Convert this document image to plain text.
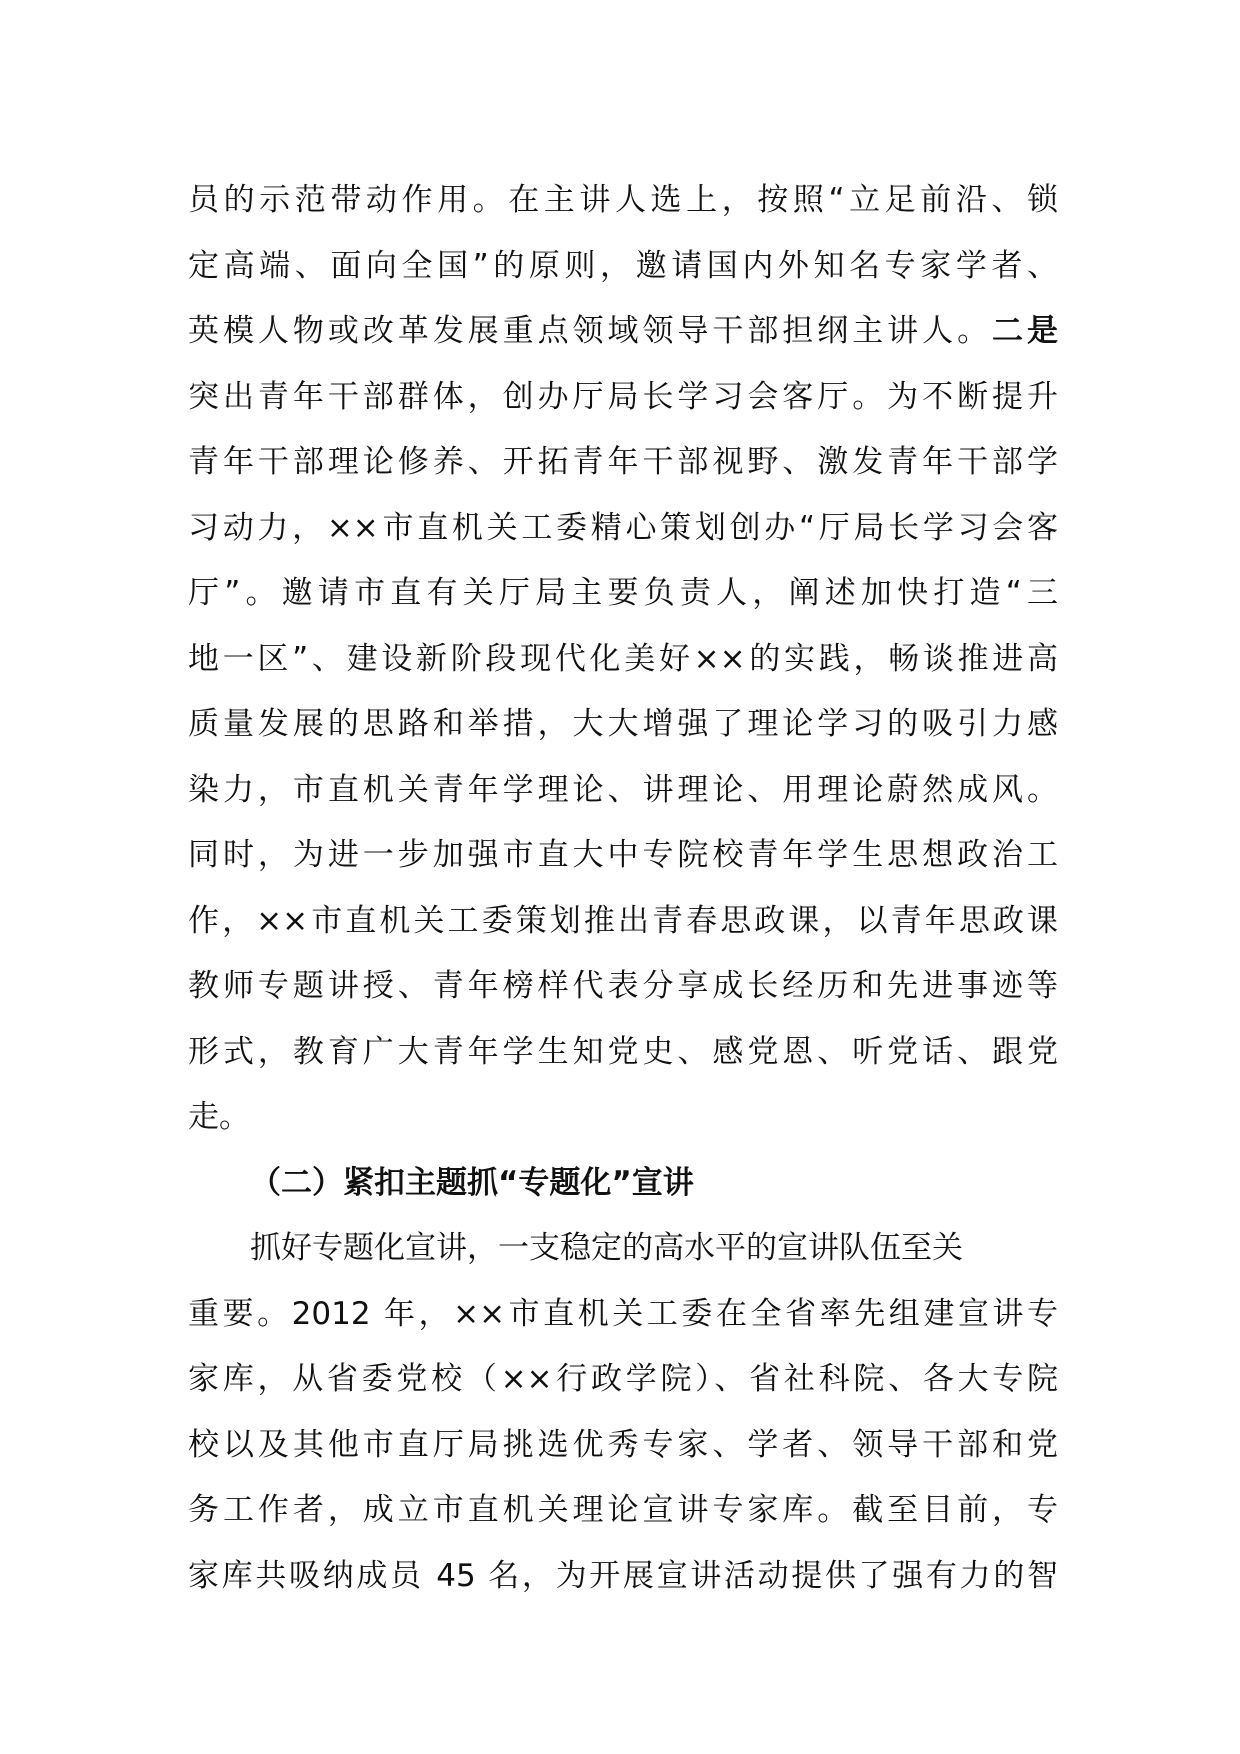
员的示范带动作用。在主讲人选上，按照“立足前沿、锁
定高端、面向全国”的原则，邀请国内外知名专家学者、
英模人物或改革发展重点领域领导干部担纲主讲人。二是
突出青年干部群体，创办厅局长学习会客厅。为不断提升
青年干部理论修养、开拓青年干部视野、激发青年干部学
习动力，××市直机关工委精心策划创办“厅局长学习会客
厅”。邀请市直有关厅局主要负责人，阐述加快打造“三
地一区”、建设新阶段现代化美好××的实践，畅谈推进高
质量发展的思路和举措，大大增强了理论学习的吸引力感
染力，市直机关青年学理论、讲理论、用理论蔚然成风。
同时，为进一步加强市直大中专院校青年学生思想政治工
作，××市直机关工委策划推出青春思政课，以青年思政课
教师专题讲授、青年榜样代表分享成长经历和先进事迹等
形式，教育广大青年学生知党史、感党恩、听党话、跟党
走。
（二）紧扣主题抓“专题化”宣讲
抓好专题化宣讲，一支稳定的高水平的宣讲队伍至关
重要。2012 年，××市直机关工委在全省率先组建宣讲专
家库，从省委党校（××行政学院）、省社科院、各大专院
校以及其他市直厅局挑选优秀专家、学者、领导干部和党
务工作者，成立市直机关理论宣讲专家库。截至目前，专
家库共吸纳成员 45 名，为开展宣讲活动提供了强有力的智
